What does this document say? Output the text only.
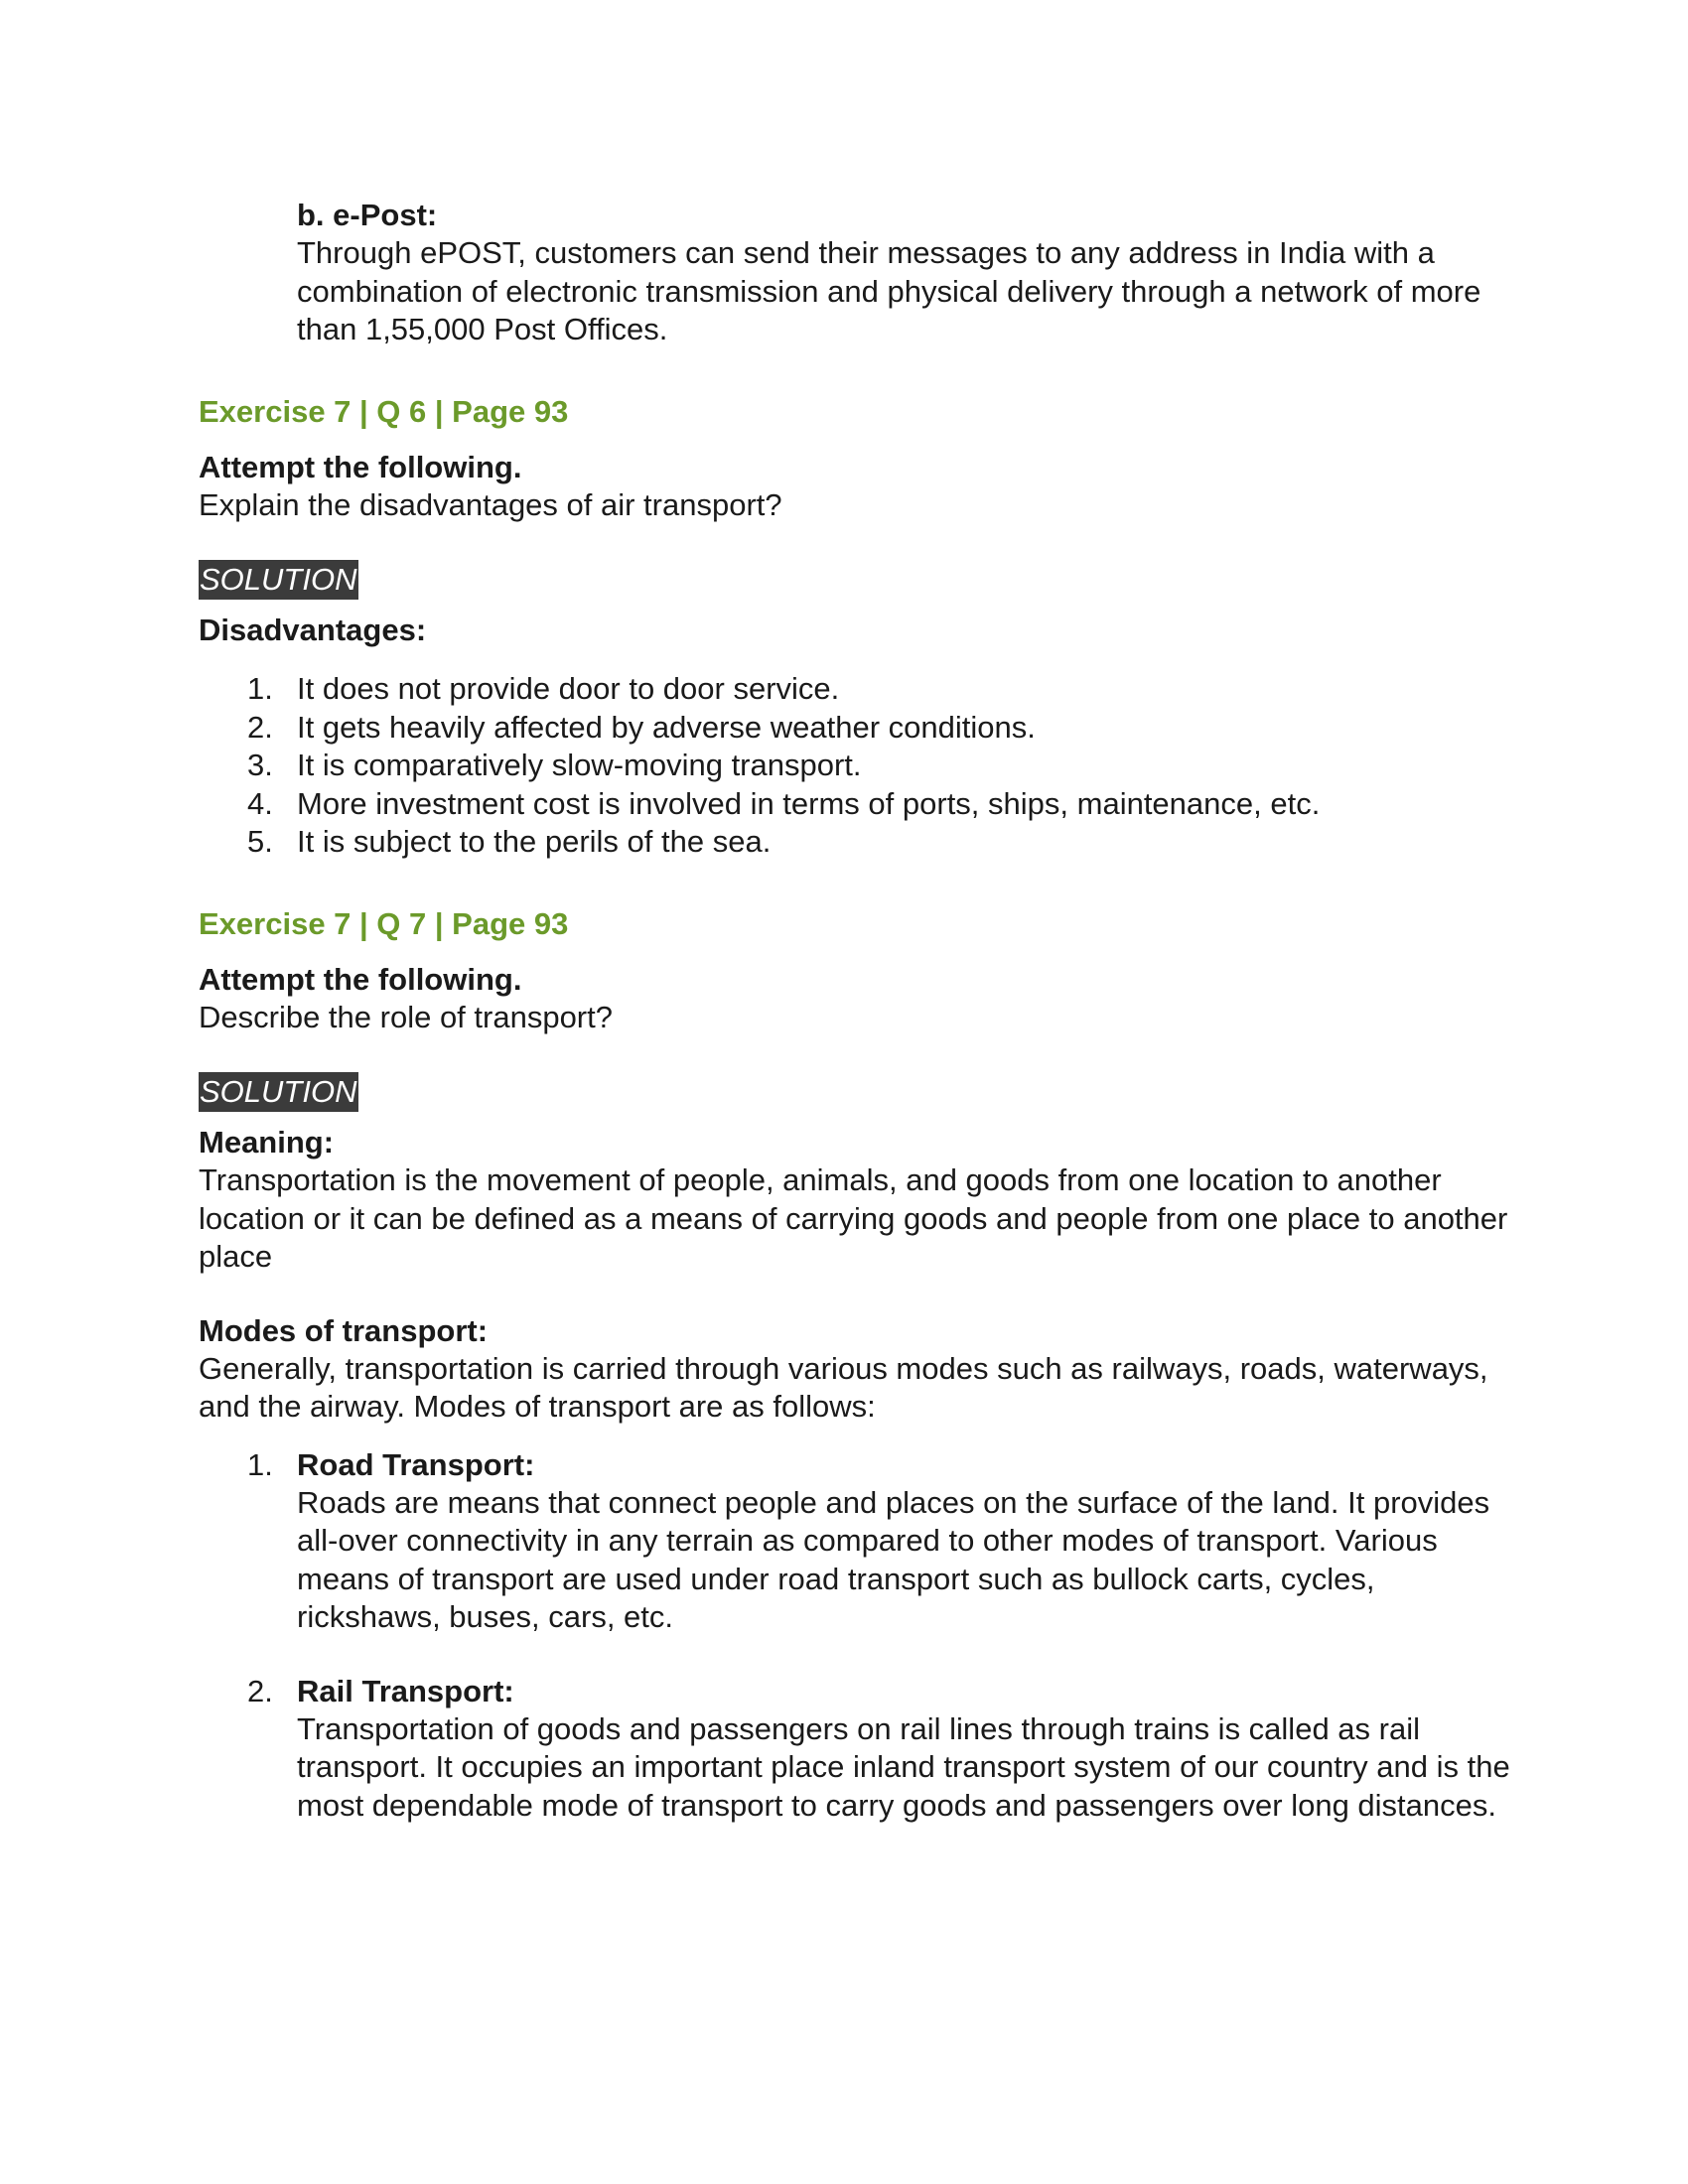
b. e-Post:

Through ePOST, customers can send their messages to any address in India with a combination of electronic transmission and physical delivery through a network of more than 1,55,000 Post Offices.

Exercise 7 | Q 6 | Page 93

Attempt the following.

Explain the disadvantages of air transport?

SOLUTION

Disadvantages:

1. It does not provide door to door service.
2. It gets heavily affected by adverse weather conditions.
3. It is comparatively slow-moving transport.
4. More investment cost is involved in terms of ports, ships, maintenance, etc.
5. It is subject to the perils of the sea.

Exercise 7 | Q 7 | Page 93

Attempt the following.

Describe the role of transport?

SOLUTION

Meaning:

Transportation is the movement of people, animals, and goods from one location to another location or it can be defined as a means of carrying goods and people from one place to another place

Modes of transport:

Generally, transportation is carried through various modes such as railways, roads, waterways, and the airway. Modes of transport are as follows:

1. Road Transport:
Roads are means that connect people and places on the surface of the land. It provides all-over connectivity in any terrain as compared to other modes of transport. Various means of transport are used under road transport such as bullock carts, cycles, rickshaws, buses, cars, etc.
2. Rail Transport:
Transportation of goods and passengers on rail lines through trains is called as rail transport. It occupies an important place inland transport system of our country and is the most dependable mode of transport to carry goods and passengers over long distances.
